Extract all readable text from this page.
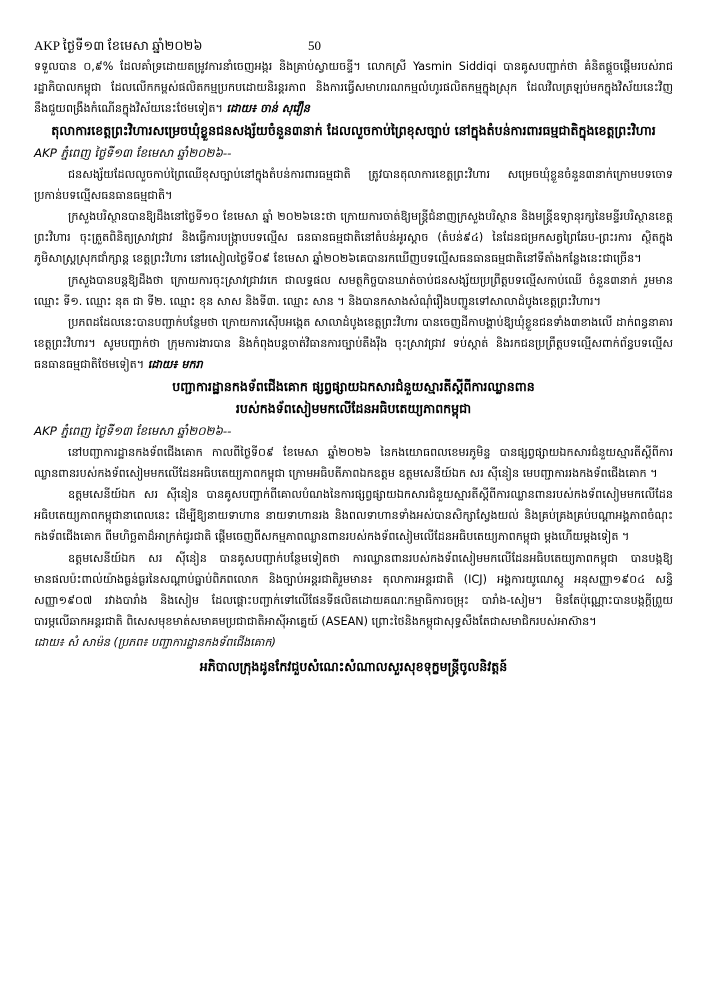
AKP ថ្ងៃទី១៣ ខែមេសា ឆ្នាំ២០២៦	50

ទទួលបាន ០,៩% ដែលគាំទ្រដោយតម្រូវការនាំចេញអង្ករ និងគ្រាប់ស្វាយចន្ទី។ លោកស្រី Yasmin Siddiqi បានគូសបញ្ជាក់ថា គំនិតផ្តួចផ្តើមរបស់រាជរដ្ឋាភិបាលកម្ពុជា ដែលលើកកម្ពស់ផលិតកម្មប្រកបដោយនិរន្តរភាព និងការធ្វើសមាហរណកម្មលំហូរផលិតកម្មក្នុងស្រុក ដែលវិលត្រឡប់មកក្នុងវិស័យនេះវិញនឹងជួយពង្រឹងកំណើនក្នុងវិស័យនេះថែមទៀត។ ដោយ៖ ចាន់ សុវឿន

តុលាការខេត្តព្រះវិហារសម្រេចឃុំខ្លួនជនសង្ស័យចំនួន៣នាក់ ដែលលួចកាប់ព្រៃខុសច្បាប់ នៅក្នុងតំបន់ការពារធម្មជាតិក្នុងខេត្តព្រះវិហារ

AKP ភ្នំពេញ ថ្ងៃទី១៣ ខែមេសា ឆ្នាំ២០២៦--

ជនសង្ស័យដែលលួចកាប់ព្រៃឈើខុសច្បាប់នៅក្នុងតំបន់ការពារធម្មជាតិ ត្រូវបានតុលាការខេត្តព្រះវិហារ សម្រេចឃុំខ្លួនចំនួន៣នាក់ក្រោមបទចោទប្រកាន់បទល្មើសធនធានធម្មជាតិ។

ក្រសួងបរិស្ថានបានឱ្យដឹងនៅថ្ងៃទី១០ ខែមេសា ឆ្នាំ ២០២៦នេះថា ក្រោយការចាត់ឱ្យមន្ត្រីជំនាញក្រសួងបរិស្ថាន និងមន្ត្រីឧទ្យានុរក្សនៃមន្ទីរបរិស្ថានខេត្តព្រះវិហារ ចុះត្រួតពិនិត្យស្រាវជ្រាវ និងធ្វើការបង្ក្រាបបទល្មើស ធនធានធម្មជាតិនៅតំបន់អូរស្ដាច (តំបន់៩៤) នៃដែនជម្រកសត្វព្រៃឆែប-ព្រះរការ ស្ថិតក្នុងភូមិសាស្ត្រស្រុកជាំក្សាន្ត ខេត្តព្រះវិហារ នៅរសៀលថ្ងៃទី០៩ ខែមេសា ឆ្នាំ២០២៦គេបានរកឃើញបទល្មើសធនធានធម្មជាតិនៅទីតាំងកន្លែងនេះជាច្រើន។

ក្រសួងបានបន្តឱ្យដឹងថា ក្រោយការចុះស្រាវជ្រាវរកេ ជាលទ្ធផល សមត្ថកិច្ចបានឃាត់ចាប់ជនសង្ស័យប្រព្រឹត្តបទល្មើសកាប់ឈើ ចំនួន៣នាក់ រួមមានឈ្មោះ ទី១. ឈ្មោះ នុត ជា ទី២. ឈ្មោះ ខុន សាស និងទី៣. ឈ្មោះ សាន ។ និងបានកសាងសំណុំរឿងបញ្ជូនទៅសាលាដំបូងខេត្តព្រះវិហារ។

ប្រភពដដែលនេះបានបញ្ជាក់បន្ថែមថា ក្រោយការស៊ើបអង្កេត សាលាដំបូងខេត្តព្រះវិហារ បានចេញដីកាបង្គាប់ឱ្យឃុំខ្លួនជនទាំង៣ខាងលើ ដាក់ពន្ធនាគារខេត្តព្រះវិហារ។ សូមបញ្ជាក់ថា ក្រុមការងារបាន និងកំពុងបន្តចាត់វិធានការច្បាប់តឹងរ៉ឹង ចុះស្រាវជ្រាវ ទប់ស្កាត់ និងរកជនប្រព្រឹត្តបទល្មើសពាក់ព័ន្ធបទល្មើសធនធានធម្មជាតិថែមទៀត។ ដោយ៖ មករា

បញ្ជាការដ្ឋានកងទ័ពជើងគោក ផ្សព្វផ្សាយឯកសារជំនួយស្មារតីស្ដីពីការឈ្លានពាន

របស់កងទ័ពសៀមមកលើដែនអធិបតេយ្យភាពកម្ពុជា

AKP ភ្នំពេញ ថ្ងៃទី១៣ ខែមេសា ឆ្នាំ២០២៦--

នៅបញ្ជាការដ្ឋានកងទ័ពជើងគោក កាលពីថ្ងៃទី០៩ ខែមេសា ឆ្នាំ២០២៦ នៃកងយោធពលខេមរភូមិន្ទ បានផ្សព្វផ្សាយឯកសារជំនួយស្មារតីស្ដីពីការឈ្លានពានរបស់កងទ័ពសៀមមកលើដែនអធិបតេយ្យភាពកម្ពុជា ក្រោមអធិបតីភាពឯកឧត្តម ឧត្តមសេនីយ៍ឯក សរ ស៊ីនៀន មេបញ្ជាការរងកងទ័ពជើងគោក ។

ឧត្តមសេនីយ៍ឯក សរ ស៊ីនៀន បានគូសបញ្ជាក់ពីគោលបំណងនៃការផ្សព្វផ្សាយឯកសារជំនួយស្មារតីស្ដីពីការឈ្លានពានរបស់កងទ័ពសៀមមកលើដែនអធិបតេយ្យភាពកម្ពុជានាពេលនេះ ដើម្បីឱ្យនាយទាហាន នាយទាហានរង និងពលទាហានទាំងអស់បានសិក្សាស្វែងយល់ និងគ្រប់គ្រងគ្រប់បណ្ដាអង្គភាពចំណុះកងទ័ពជើងគោក ពីមហិច្ឆតាដ៏អាក្រក់ជូរជាតិ ផ្ដើមចេញពីសកម្មភាពឈ្លានពានរបស់កងទ័ពសៀមលើដែនអធិបតេយ្យភាពកម្ពុជា ម្ដងហើយម្ដងទៀត ។

ឧត្តមសេនីយ៍ឯក សរ ស៊ីនៀន បានគូសបញ្ជាក់បន្ថែមទៀតថា ការឈ្លានពានរបស់កងទ័ពសៀមមកលើដែនអធិបតេយ្យភាពកម្ពុជា បានបង្កឱ្យមានផលប៉ះពាល់យ៉ាងធ្ងន់ធ្ងរនៃសណ្ដាប់ធ្នាប់ពិភពលោក និងច្បាប់អន្តរជាតិរួមមាន៖ តុលាការអន្តរជាតិ (ICJ) អង្គការយូណេស្កូ អនុសញ្ញា១៩០៤ សន្ធិសញ្ញា១៩០៧ រវាងបារាំង និងសៀម ដែលផ្ដោះបញ្ជាក់ទៅលើផែនទីផលិតដោយគណៈកម្មាធិការចម្រុះ បារាំង-សៀម។ មិនតែប៉ុណ្ណោះបានបង្កក្ដីព្រួយបារម្ភលើឆាកអន្តរជាតិ ពិសេសមុខមាត់សមាគមប្រជាជាតិអាស៊ីអាគ្នេយ៍ (ASEAN) ព្រោះថៃនិងកម្ពុជាសុទ្ធសឹងតែជាសមាជិករបស់អាស៊ាន។

ដោយ៖ សំ សាម៉ន (ប្រភព៖ បញ្ជាការដ្ឋានកងទ័ពជើងគោក)

អភិបាលក្រុងដូនកែវជួបសំណេះសំណាលសួរសុខទុក្ខមន្ត្រីចូលនិវត្តន៍
